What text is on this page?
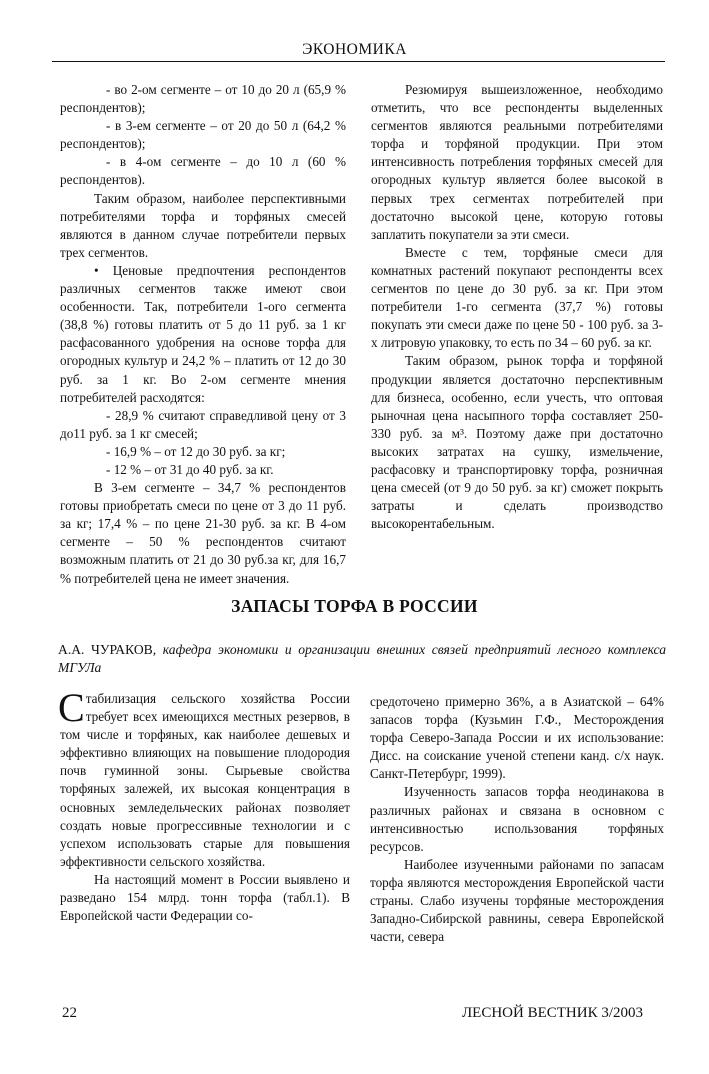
ЭКОНОМИКА

- во 2-ом сегменте – от 10 до 20 л (65,9 % респондентов);

- в 3-ем сегменте – от 20 до 50 л (64,2 % респондентов);

- в 4-ом сегменте – до 10 л (60 % респондентов).

Таким образом, наиболее перспективными потребителями торфа и торфяных смесей являются в данном случае потребители первых трех сегментов.

• Ценовые предпочтения респондентов различных сегментов также имеют свои особенности. Так, потребители 1-ого сегмента (38,8 %) готовы платить от 5 до 11 руб. за 1 кг расфасованного удобрения на основе торфа для огородных культур и 24,2 % – платить от 12 до 30 руб. за 1 кг. Во 2-ом сегменте мнения потребителей расходятся:

- 28,9 % считают справедливой цену от 3 до11 руб. за 1 кг смесей;

- 16,9 % – от 12 до 30 руб. за кг;

- 12 % – от 31 до 40 руб. за кг.

В 3-ем сегменте – 34,7 % респондентов готовы приобретать смеси по цене от 3 до 11 руб. за кг; 17,4 % – по цене 21-30 руб. за кг. В 4-ом сегменте – 50 % респондентов считают возможным платить от 21 до 30 руб.за кг, для 16,7 % потребителей цена не имеет значения.

Резюмируя вышеизложенное, необходимо отметить, что все респонденты выделенных сегментов являются реальными потребителями торфа и торфяной продукции. При этом интенсивность потребления торфяных смесей для огородных культур является более высокой в первых трех сегментах потребителей при достаточно высокой цене, которую готовы заплатить покупатели за эти смеси.

Вместе с тем, торфяные смеси для комнатных растений покупают респонденты всех сегментов по цене до 30 руб. за кг. При этом потребители 1-го сегмента (37,7 %) готовы покупать эти смеси даже по цене 50 - 100 руб. за 3-х литровую упаковку, то есть по 34 – 60 руб. за кг.

Таким образом, рынок торфа и торфяной продукции является достаточно перспективным для бизнеса, особенно, если учесть, что оптовая рыночная цена насыпного торфа составляет 250-330 руб. за м³. Поэтому даже при достаточно высоких затратах на сушку, измельчение, расфасовку и транспортировку торфа, розничная цена смесей (от 9 до 50 руб. за кг) сможет покрыть затраты и сделать производство высокорентабельным.

ЗАПАСЫ ТОРФА В РОССИИ
А.А. ЧУРАКОВ, кафедра экономики и организации внешних связей предприятий лесного комплекса МГУЛа

Стабилизация сельского хозяйства России требует всех имеющихся местных резервов, в том числе и торфяных, как наиболее дешевых и эффективно влияющих на повышение плодородия почв гуминной зоны. Сырьевые свойства торфяных залежей, их высокая концентрация в основных земледельческих районах позволяет создать новые прогрессивные технологии и с успехом использовать старые для повышения эффективности сельского хозяйства.

На настоящий момент в России выявлено и разведано 154 млрд. тонн торфа (табл.1). В Европейской части Федерации со-

средоточено примерно 36%, а в Азиатской – 64% запасов торфа (Кузьмин Г.Ф., Месторождения торфа Северо-Запада России и их использование: Дисс. на соискание ученой степени канд. с/х наук. Санкт-Петербург, 1999).

Изученность запасов торфа неодинакова в различных районах и связана в основном с интенсивностью использования торфяных ресурсов.

Наиболее изученными районами по запасам торфа являются месторождения Европейской части страны. Слабо изучены торфяные месторождения Западно-Сибирской равнины, севера Европейской части, севера

22	ЛЕСНОЙ ВЕСТНИК 3/2003
